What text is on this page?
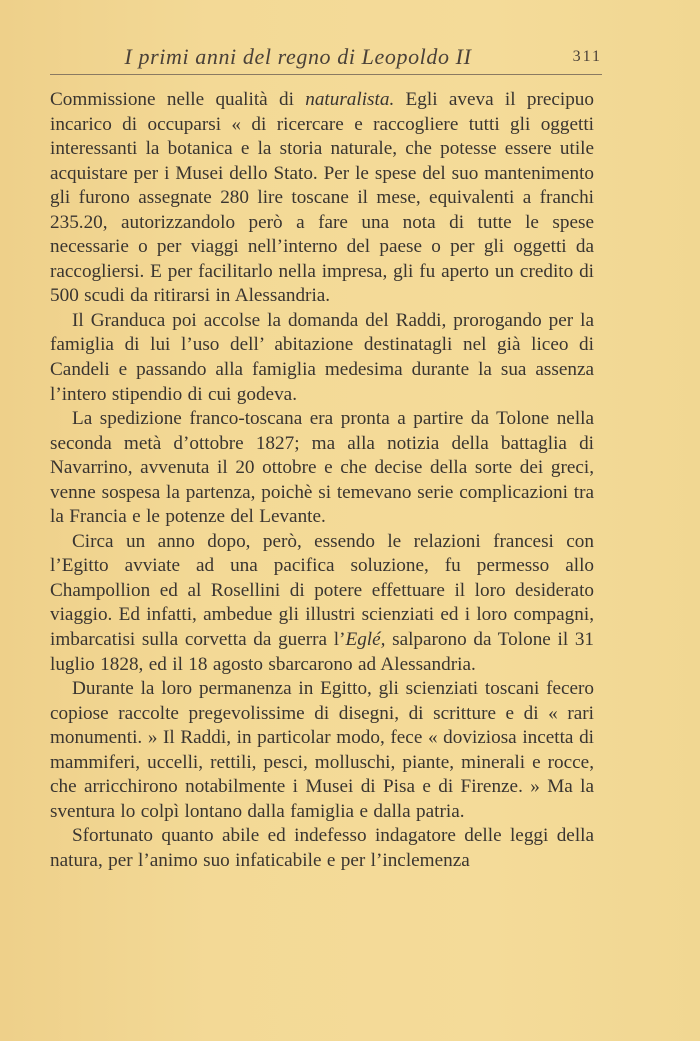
I primi anni del regno di Leopoldo II	311

Commissione nelle qualità di naturalista. Egli aveva il precipuo incarico di occuparsi « di ricercare e raccogliere tutti gli oggetti interessanti la botanica e la storia naturale, che potesse essere utile acquistare per i Musei dello Stato. Per le spese del suo mantenimento gli furono assegnate 280 lire toscane il mese, equivalenti a franchi 235.20, autorizzandolo però a fare una nota di tutte le spese necessarie o per viaggi nell’interno del paese o per gli oggetti da raccogliersi. E per facilitarlo nella impresa, gli fu aperto un credito di 500 scudi da ritirarsi in Alessandria.

Il Granduca poi accolse la domanda del Raddi, prorogando per la famiglia di lui l’uso dell’ abitazione destinatagli nel già liceo di Candeli e passando alla famiglia medesima durante la sua assenza l’intero stipendio di cui godeva.

La spedizione franco-toscana era pronta a partire da Tolone nella seconda metà d’ottobre 1827; ma alla notizia della battaglia di Navarrino, avvenuta il 20 ottobre e che decise della sorte dei greci, venne sospesa la partenza, poichè si temevano serie complicazioni tra la Francia e le potenze del Levante.

Circa un anno dopo, però, essendo le relazioni francesi con l’Egitto avviate ad una pacifica soluzione, fu permesso allo Champollion ed al Rosellini di potere effettuare il loro desiderato viaggio. Ed infatti, ambedue gli illustri scienziati ed i loro compagni, imbarcatisi sulla corvetta da guerra l’Eglé, salparono da Tolone il 31 luglio 1828, ed il 18 agosto sbarcarono ad Alessandria.

Durante la loro permanenza in Egitto, gli scienziati toscani fecero copiose raccolte pregevolissime di disegni, di scritture e di « rari monumenti. » Il Raddi, in particolar modo, fece « doviziosa incetta di mammiferi, uccelli, rettili, pesci, molluschi, piante, minerali e rocce, che arricchirono notabilmente i Musei di Pisa e di Firenze. » Ma la sventura lo colpì lontano dalla famiglia e dalla patria.

Sfortunato quanto abile ed indefesso indagatore delle leggi della natura, per l’animo suo infaticabile e per l’inclemenza
